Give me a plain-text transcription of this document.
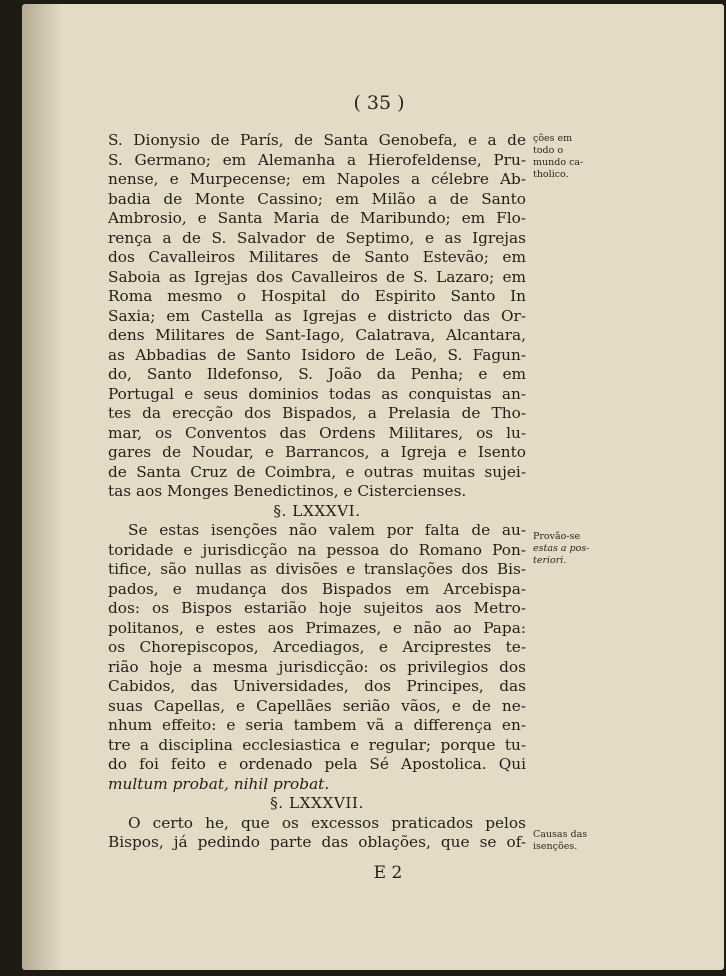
( 35 )
S. Dionysio de París, de Santa Genobefa, e a de
S. Germano; em Alemanha a Hierofeldense, Pru-
nense, e Murpecense; em Napoles a célebre Ab-
badia de Monte Cassino; em Milão a de Santo
Ambrosio, e Santa Maria de Maribundo; em Flo-
rença a de S. Salvador de Septimo, e as Igrejas
dos Cavalleiros Militares de Santo Estevão; em
Saboia as Igrejas dos Cavalleiros de S. Lazaro; em
Roma mesmo o Hospital do Espirito Santo In
Saxia; em Castella as Igrejas e districto das Or-
dens Militares de Sant-Iago, Calatrava, Alcantara,
as Abbadias de Santo Isidoro de Leão, S. Fagun-
do, Santo Ildefonso, S. João da Penha; e em
Portugal e seus dominios todas as conquistas an-
tes da erecção dos Bispados, a Prelasia de Tho-
mar, os Conventos das Ordens Militares, os lu-
gares de Noudar, e Barrancos, a Igreja e Isento
de Santa Cruz de Coimbra, e outras muitas sujei-
tas aos Monges Benedictinos, e Cistercienses.
§. LXXXVI.
Se estas isenções não valem por falta de au-
toridade e jurisdicção na pessoa do Romano Pon-
tifice, são nullas as divisões e translações dos Bis-
pados, e mudança dos Bispados em Arcebispa-
dos: os Bispos estarião hoje sujeitos aos Metro-
politanos, e estes aos Primazes, e não ao Papa:
os Chorepiscopos, Arcediagos, e Arciprestes te-
rião hoje a mesma jurisdicção: os privilegios dos
Cabidos, das Universidades, dos Principes, das
suas Capellas, e Capellães serião vãos, e de ne-
nhum effeito: e seria tambem vã a differença en-
tre a disciplina ecclesiastica e regular; porque tu-
do foi feito e ordenado pela Sé Apostolica. Qui
multum probat, nihil probat.
§. LXXXVII.
O certo he, que os excessos praticados pelos
Bispos, já pedindo parte das oblações, que se of-
ções em
todo o
mundo ca-
tholico.
Provão-se
estas a pos-
teriori.
Causas das
isenções.
E 2
